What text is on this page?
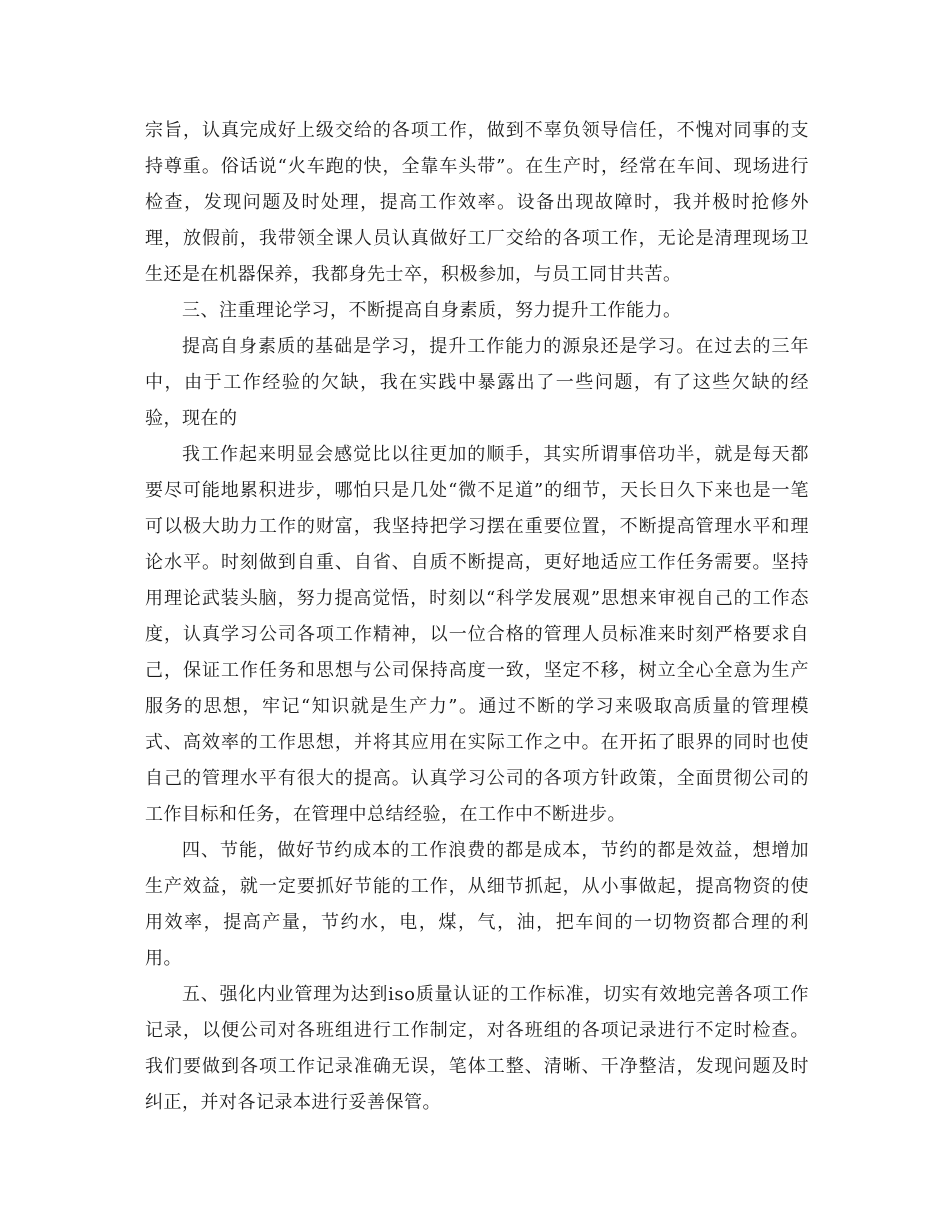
宗旨，认真完成好上级交给的各项工作，做到不辜负领导信任，不愧对同事的支持尊重。俗话说“火车跑的快，全靠车头带”。在生产时，经常在车间、现场进行检查，发现问题及时处理，提高工作效率。设备出现故障时，我并极时抢修外理，放假前，我带领全课人员认真做好工厂交给的各项工作，无论是清理现场卫生还是在机器保养，我都身先士卒，积极参加，与员工同甘共苦。

三、注重理论学习，不断提高自身素质，努力提升工作能力。

提高自身素质的基础是学习，提升工作能力的源泉还是学习。在过去的三年中，由于工作经验的欠缺，我在实践中暴露出了一些问题，有了这些欠缺的经验，现在的

我工作起来明显会感觉比以往更加的顺手，其实所谓事倍功半，就是每天都要尽可能地累积进步，哪怕只是几处“微不足道”的细节，天长日久下来也是一笔可以极大助力工作的财富，我坚持把学习摆在重要位置，不断提高管理水平和理论水平。时刻做到自重、自省、自质不断提高，更好地适应工作任务需要。坚持用理论武装头脑，努力提高觉悟，时刻以“科学发展观”思想来审视自己的工作态度，认真学习公司各项工作精神，以一位合格的管理人员标准来时刻严格要求自己，保证工作任务和思想与公司保持高度一致，坚定不移，树立全心全意为生产服务的思想，牢记“知识就是生产力”。通过不断的学习来吸取高质量的管理模式、高效率的工作思想，并将其应用在实际工作之中。在开拓了眼界的同时也使自己的管理水平有很大的提高。认真学习公司的各项方针政策，全面贯彻公司的工作目标和任务，在管理中总结经验，在工作中不断进步。

四、节能，做好节约成本的工作浪费的都是成本，节约的都是效益，想增加生产效益，就一定要抓好节能的工作，从细节抓起，从小事做起，提高物资的使用效率，提高产量，节约水，电，煤，气，油，把车间的一切物资都合理的利用。

五、强化内业管理为达到iso质量认证的工作标准，切实有效地完善各项工作记录，以便公司对各班组进行工作制定，对各班组的各项记录进行不定时检查。我们要做到各项工作记录准确无误，笔体工整、清晰、干净整洁，发现问题及时纠正，并对各记录本进行妥善保管。
